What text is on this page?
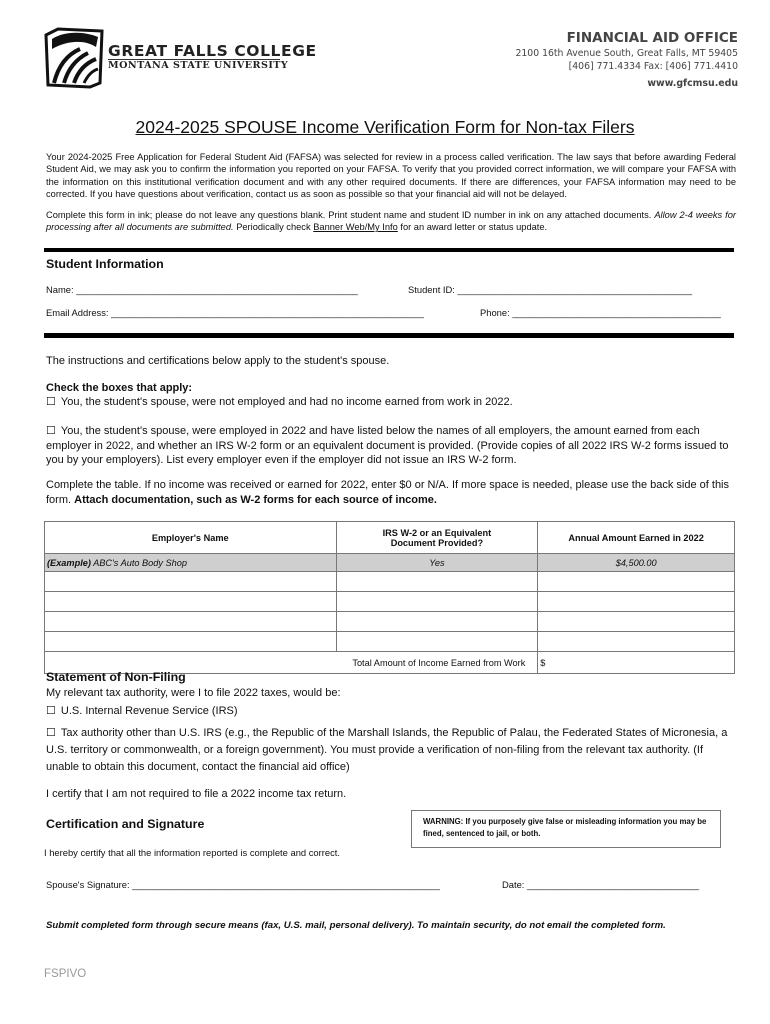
GREAT FALLS COLLEGE
MONTANA STATE UNIVERSITY
FINANCIAL AID OFFICE
2100 16th Avenue South, Great Falls, MT 59405
[406] 771.4334 Fax: [406] 771.4410
www.gfcmsu.edu
2024-2025 SPOUSE Income Verification Form for Non-tax Filers
Your 2024-2025 Free Application for Federal Student Aid (FAFSA) was selected for review in a process called verification. The law says that before awarding Federal Student Aid, we may ask you to confirm the information you reported on your FAFSA. To verify that you provided correct information, we will compare your FAFSA with the information on this institutional verification document and with any other required documents. If there are differences, your FAFSA information may need to be corrected. If you have questions about verification, contact us as soon as possible so that your financial aid will not be delayed.
Complete this form in ink; please do not leave any questions blank. Print student name and student ID number in ink on any attached documents. Allow 2-4 weeks for processing after all documents are submitted. Periodically check Banner Web/My Info for an award letter or status update.
Student Information
Name: ______________________________________________________	Student ID: _____________________________________________
Email Address: ____________________________________________________________	Phone: ________________________________________
The instructions and certifications below apply to the student's spouse.
Check the boxes that apply:
☐ You, the student's spouse, were not employed and had no income earned from work in 2022.
☐ You, the student's spouse, were employed in 2022 and have listed below the names of all employers, the amount earned from each employer in 2022, and whether an IRS W-2 form or an equivalent document is provided. (Provide copies of all 2022 IRS W-2 forms issued to you by your employers). List every employer even if the employer did not issue an IRS W-2 form.
Complete the table. If no income was received or earned for 2022, enter $0 or N/A. If more space is needed, please use the back side of this form. Attach documentation, such as W-2 forms for each source of income.
Employer's Name	IRS W-2 or an Equivalent Document Provided?	Annual Amount Earned in 2022
(Example) ABC's Auto Body Shop	Yes	$4,500.00

Total Amount of Income Earned from Work		$
Statement of Non-Filing
My relevant tax authority, were I to file 2022 taxes, would be:
☐ U.S. Internal Revenue Service (IRS)
☐ Tax authority other than U.S. IRS (e.g., the Republic of the Marshall Islands, the Republic of Palau, the Federated States of Micronesia, a U.S. territory or commonwealth, or a foreign government). You must provide a verification of non-filing from the relevant tax authority. (If unable to obtain this document, contact the financial aid office)
I certify that I am not required to file a 2022 income tax return.
Certification and Signature	WARNING: If you purposely give false or misleading information you may be fined, sentenced to jail, or both.
I hereby certify that all the information reported is complete and correct.
Spouse's Signature: ___________________________________________________________	Date: _________________________________
Submit completed form through secure means (fax, U.S. mail, personal delivery). To maintain security, do not email the completed form.
FSPIVO
